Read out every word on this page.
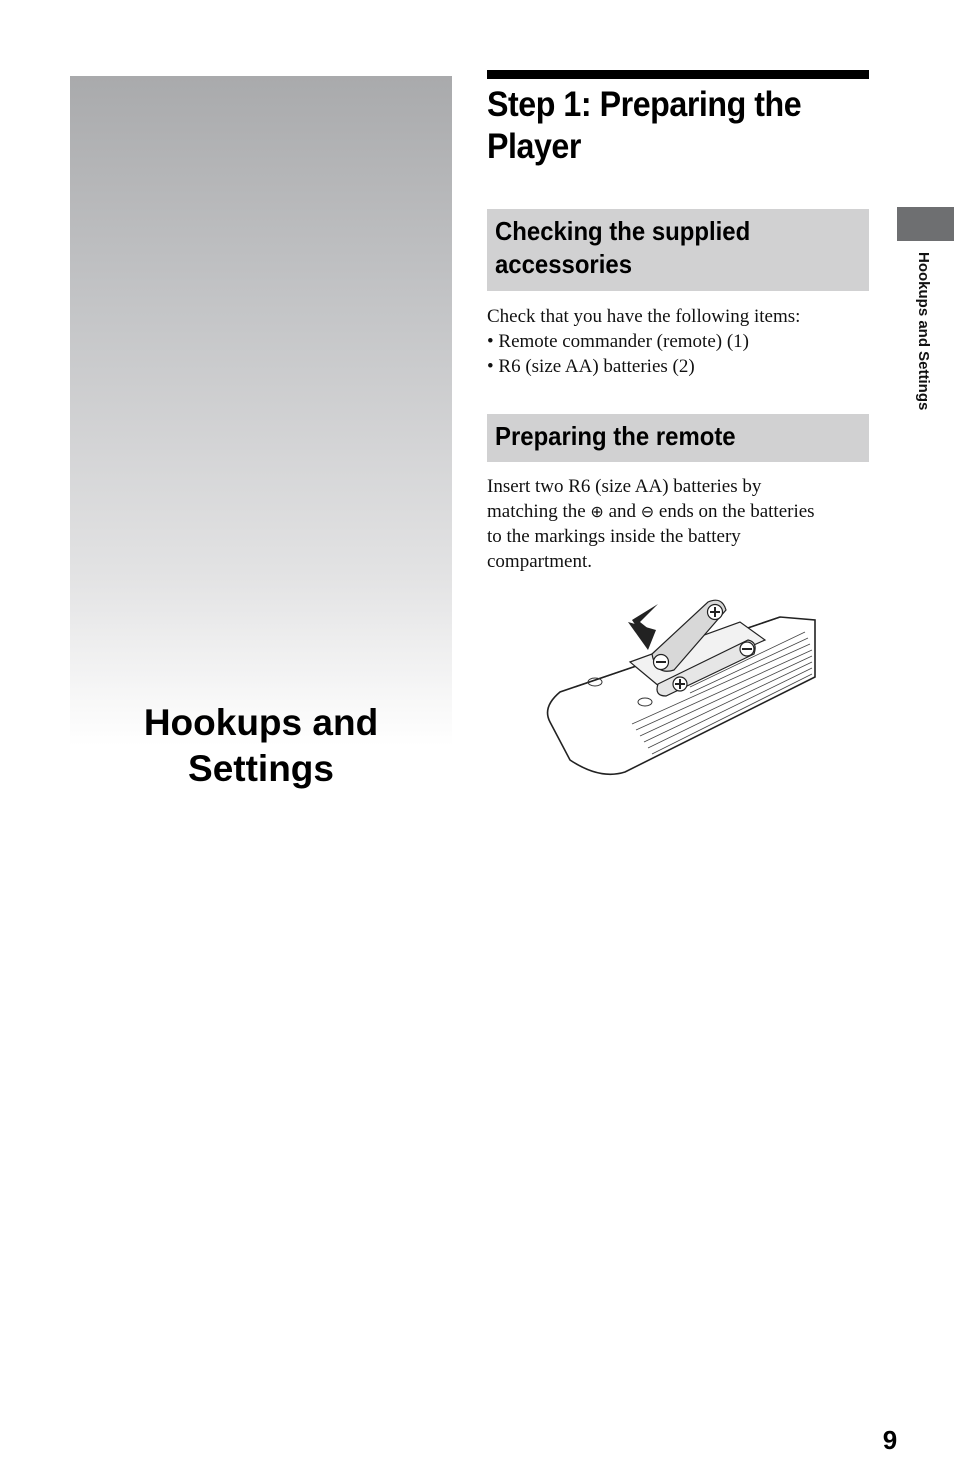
Hookups and
Settings
Step 1: Preparing the
Player
Checking the supplied
accessories
Check that you have the following items:
• Remote commander (remote) (1)
• R6 (size AA) batteries (2)
Preparing the remote
Insert two R6 (size AA) batteries by
matching the ⊕ and ⊖ ends on the batteries
to the markings inside the battery
compartment.
Hookups and Settings
9
